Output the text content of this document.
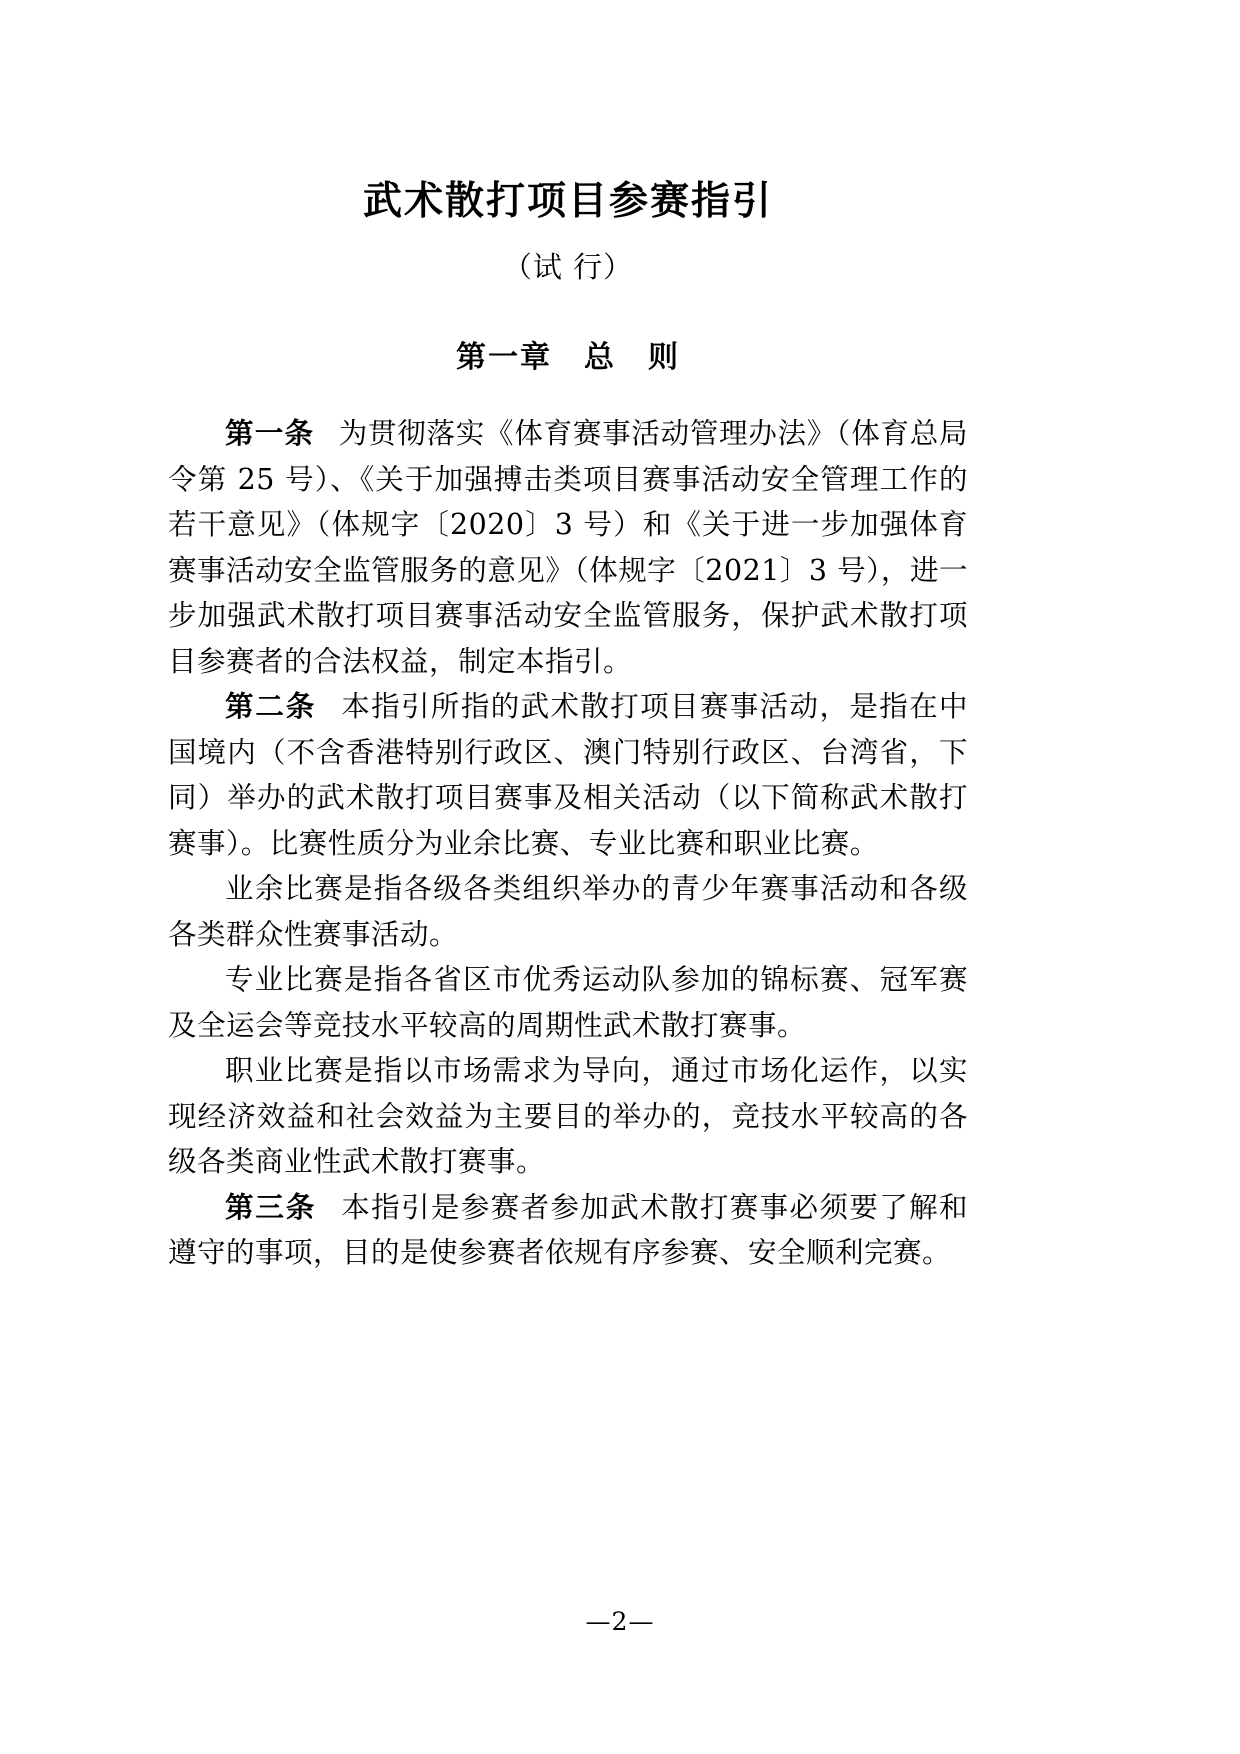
武术散打项目参赛指引
（试 行）
第一章　总　则

第一条 为贯彻落实《体育赛事活动管理办法》（体育总局令第 25 号）、《关于加强搏击类项目赛事活动安全管理工作的若干意见》（体规字〔2020〕3 号）和《关于进一步加强体育赛事活动安全监管服务的意见》（体规字〔2021〕3 号），进一步加强武术散打项目赛事活动安全监管服务，保护武术散打项目参赛者的合法权益，制定本指引。

第二条 本指引所指的武术散打项目赛事活动，是指在中国境内（不含香港特别行政区、澳门特别行政区、台湾省，下同）举办的武术散打项目赛事及相关活动（以下简称武术散打赛事）。比赛性质分为业余比赛、专业比赛和职业比赛。

业余比赛是指各级各类组织举办的青少年赛事活动和各级各类群众性赛事活动。

专业比赛是指各省区市优秀运动队参加的锦标赛、冠军赛及全运会等竞技水平较高的周期性武术散打赛事。

职业比赛是指以市场需求为导向，通过市场化运作，以实现经济效益和社会效益为主要目的举办的，竞技水平较高的各级各类商业性武术散打赛事。

第三条 本指引是参赛者参加武术散打赛事必须要了解和遵守的事项，目的是使参赛者依规有序参赛、安全顺利完赛。

—2—
